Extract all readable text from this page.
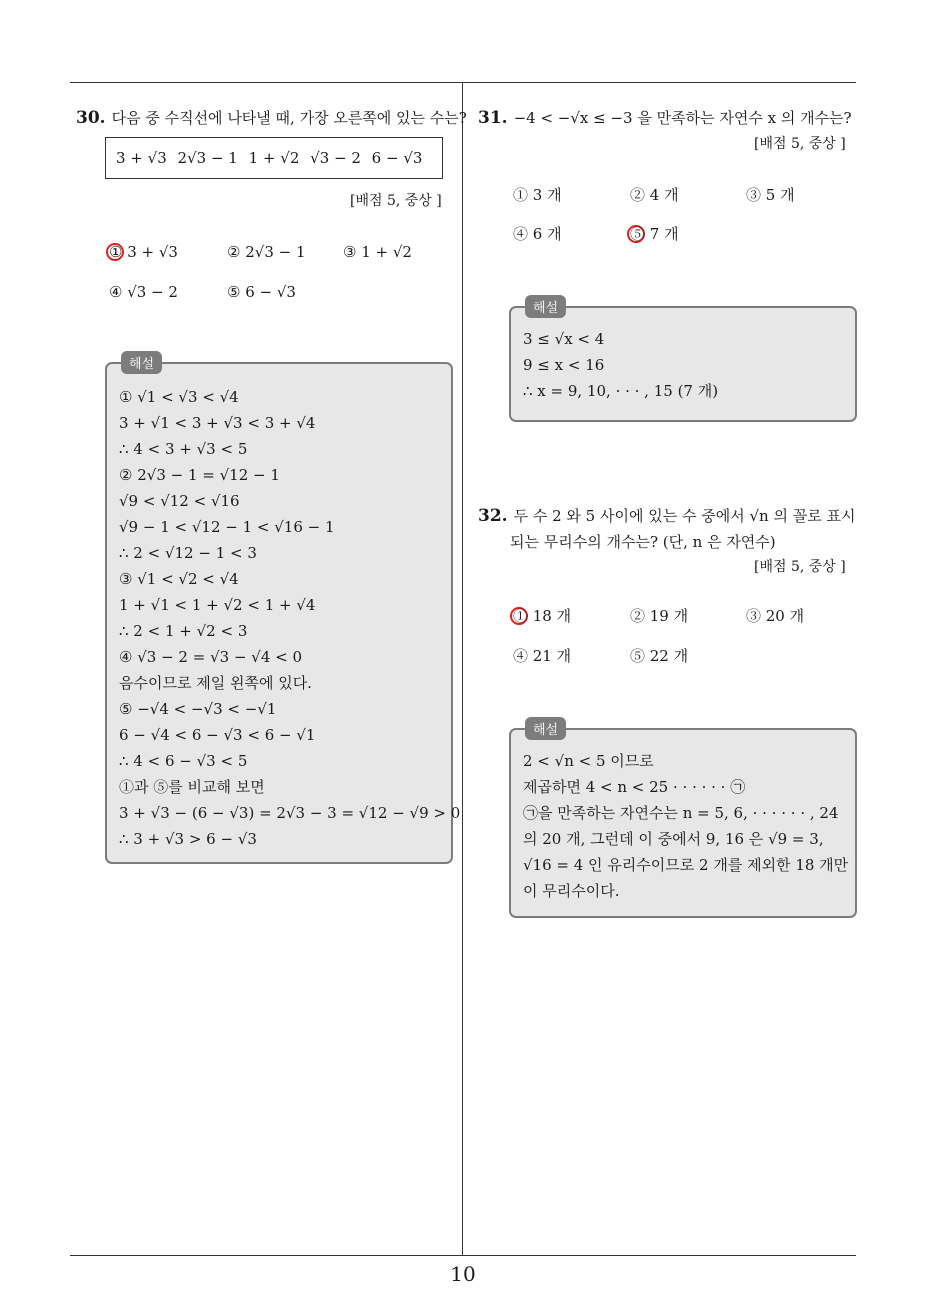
30. 다음 중 수직선에 나타낼 때, 가장 오른쪽에 있는 수는?
3 + √3 2√3 − 1 1 + √2 √3 − 2 6 − √3
[배점 5, 중상 ]
① 3 + √3	② 2√3 − 1 ③ 1 + √2
④ √3 − 2	⑤ 6 − √3
해설
① √1 < √3 < √4
3 + √1 < 3 + √3 < 3 + √4
∴ 4 < 3 + √3 < 5
② 2√3 − 1 = √12 − 1
√9 < √12 < √16
√9 − 1 < √12 − 1 < √16 − 1
∴ 2 < √12 − 1 < 3
③ √1 < √2 < √4
1 + √1 < 1 + √2 < 1 + √4
∴ 2 < 1 + √2 < 3
④ √3 − 2 = √3 − √4 < 0
음수이므로 제일 왼쪽에 있다.
⑤ −√4 < −√3 < −√1
6 − √4 < 6 − √3 < 6 − √1
∴ 4 < 6 − √3 < 5
①과 ⑤를 비교해 보면
3 + √3 − (6 − √3) = 2√3 − 3 = √12 − √9 > 0
∴ 3 + √3 > 6 − √3
31. −4 < −√x ≤ −3 을 만족하는 자연수 x 의 개수는?
[배점 5, 중상 ]
① 3 개	② 4 개	③ 5 개
④ 6 개	⑤ 7 개
해설
3 ≤ √x < 4
9 ≤ x < 16
∴ x = 9, 10, · · · , 15 (7 개)
32. 두 수 2 와 5 사이에 있는 수 중에서 √n 의 꼴로 표시
되는 무리수의 개수는? (단, n 은 자연수)
[배점 5, 중상 ]
① 18 개	② 19 개	③ 20 개
④ 21 개	⑤ 22 개
해설
2 < √n < 5 이므로
제곱하면 4 < n < 25 · · · · · · ㉠
㉠을 만족하는 자연수는 n = 5, 6, · · · · · · , 24
의 20 개, 그런데 이 중에서 9, 16 은 √9 = 3,
√16 = 4 인 유리수이므로 2 개를 제외한 18 개만
이 무리수이다.
10
